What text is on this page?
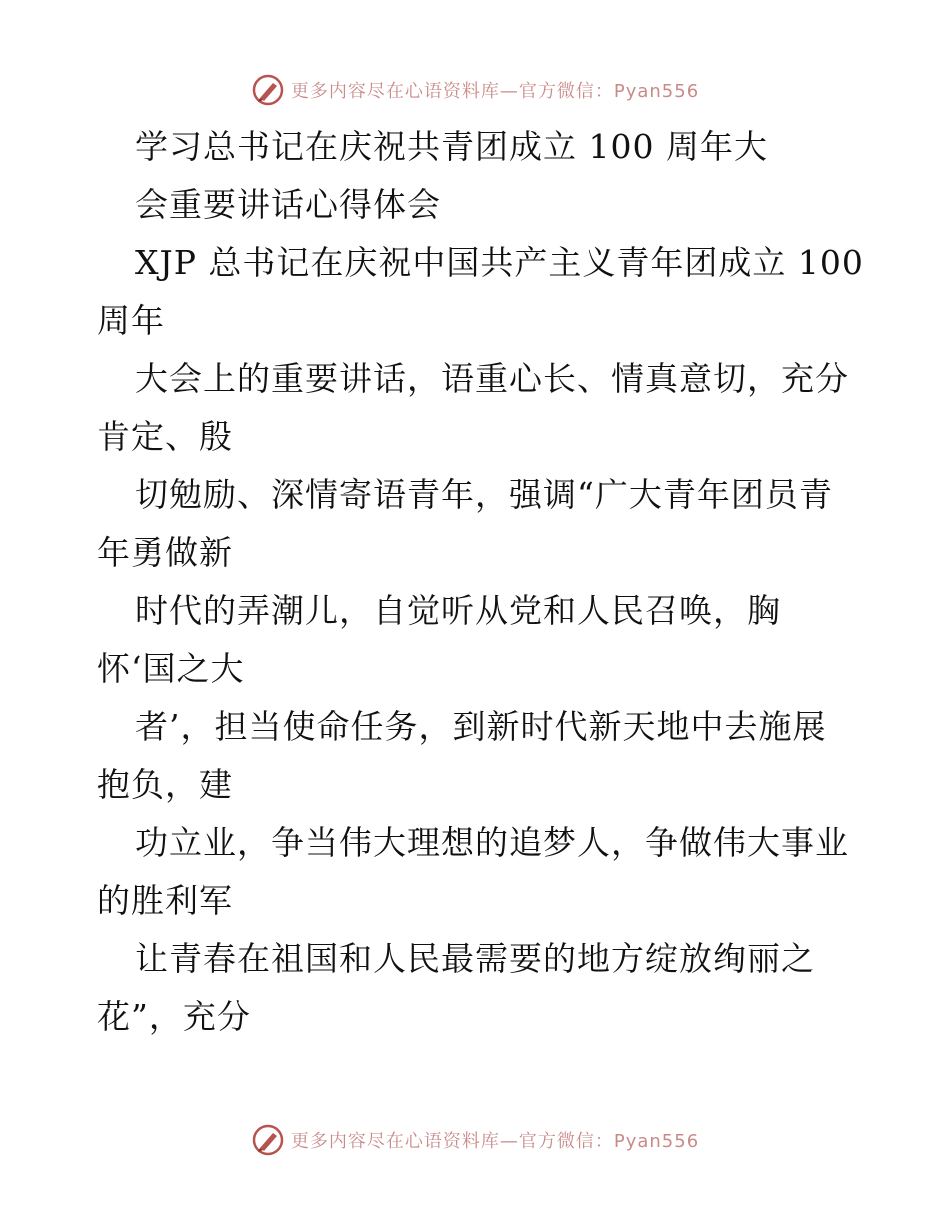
更多内容尽在心语资料库—官方微信：Pyan556
学习总书记在庆祝共青团成立 100 周年大
会重要讲话心得体会
XJP 总书记在庆祝中国共产主义青年团成立 100
周年
大会上的重要讲话，语重心长、情真意切，充分
肯定、殷
切勉励、深情寄语青年，强调“广大青年团员青
年勇做新
时代的弄潮儿，自觉听从党和人民召唤，胸
怀‘国之大
者’，担当使命任务，到新时代新天地中去施展
抱负，建
功立业，争当伟大理想的追梦人，争做伟大事业
的胜利军
让青春在祖国和人民最需要的地方绽放绚丽之
花”，充分
更多内容尽在心语资料库—官方微信：Pyan556
